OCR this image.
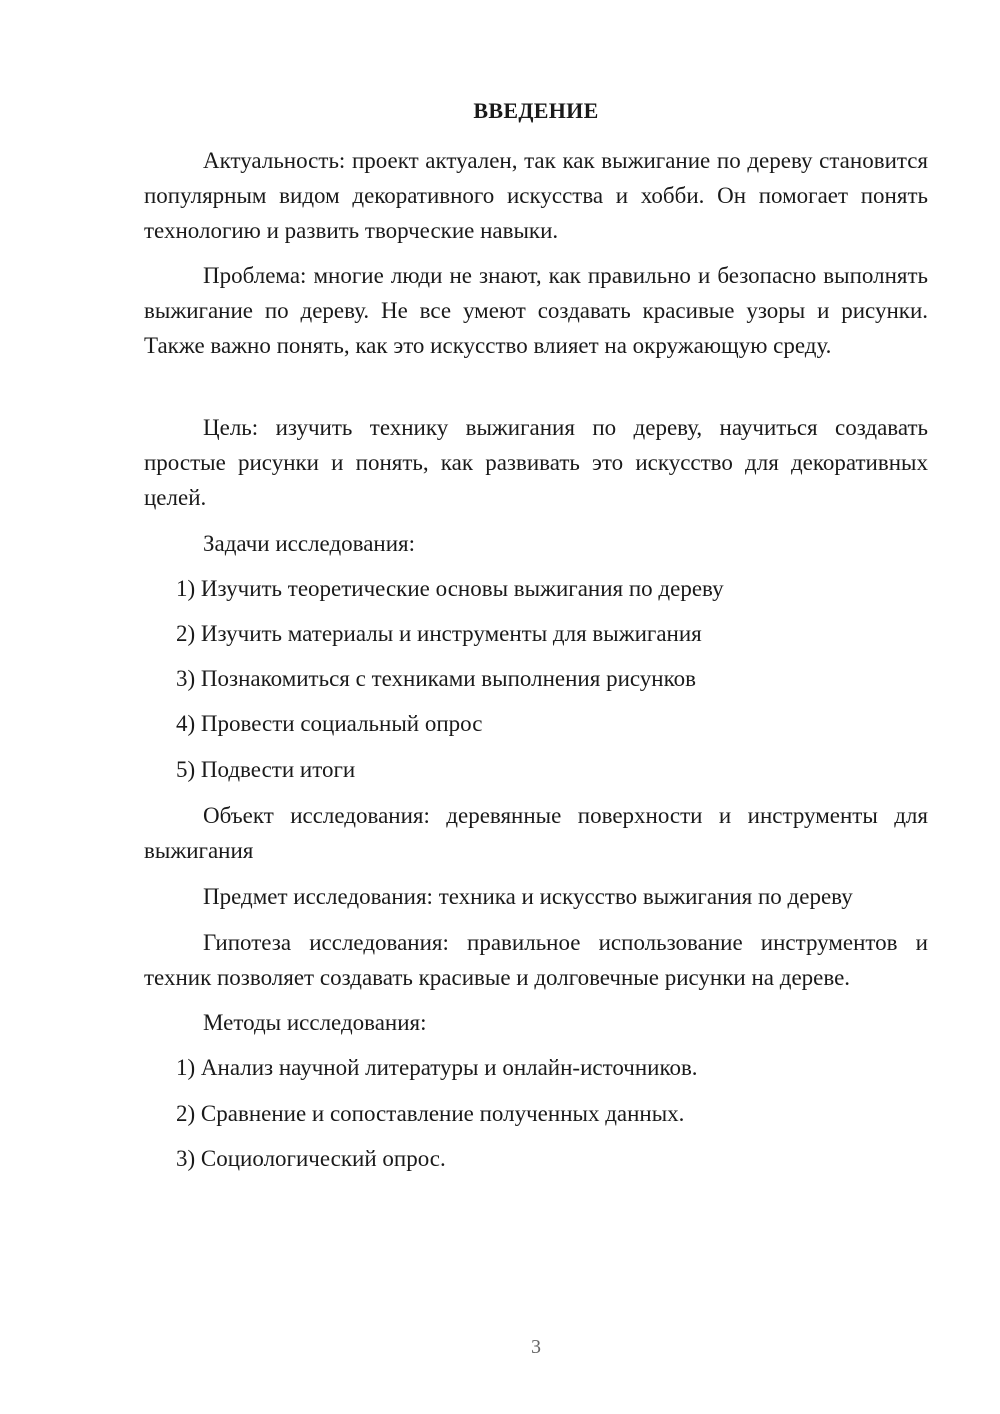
ВВЕДЕНИЕ

Актуальность: проект актуален, так как выжигание по дереву становится популярным видом декоративного искусства и хобби. Он помогает понять технологию и развить творческие навыки.

Проблема: многие люди не знают, как правильно и безопасно выполнять выжигание по дереву. Не все умеют создавать красивые узоры и рисунки. Также важно понять, как это искусство влияет на окружающую среду.

Цель: изучить технику выжигания по дереву, научиться создавать простые рисунки и понять, как развивать это искусство для декоративных целей.

Задачи исследования:

1) Изучить теоретические основы выжигания по дереву

2) Изучить материалы и инструменты для выжигания

3) Познакомиться с техниками выполнения рисунков

4) Провести социальный опрос

5) Подвести итоги

Объект исследования: деревянные поверхности и инструменты для выжигания

Предмет исследования: техника и искусство выжигания по дереву

Гипотеза исследования: правильное использование инструментов и техник позволяет создавать красивые и долговечные рисунки на дереве.

Методы исследования:

1) Анализ научной литературы и онлайн-источников.

2) Сравнение и сопоставление полученных данных.

3) Социологический опрос.

3
